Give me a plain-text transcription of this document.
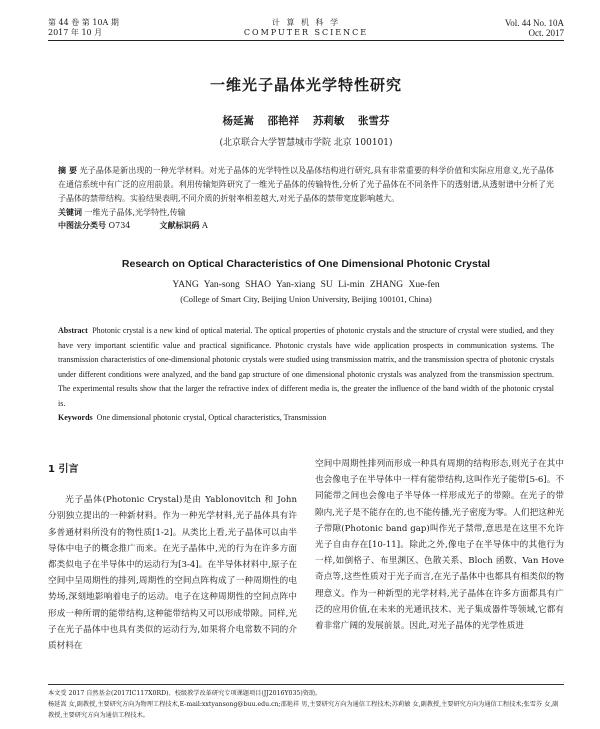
第 44 卷 第 10A 期
2017 年 10 月
计 算 机 科 学
COMPUTER SCIENCE
Vol. 44 No. 10A
Oct. 2017
一维光子晶体光学特性研究
杨延嵩 邵艳祥 苏莉敏 张雪芬
(北京联合大学智慧城市学院 北京 100101)
摘 要 光子晶体是新出现的一种光学材料。对光子晶体的光学特性以及晶体结构进行研究,具有非常重要的科学价值和实际应用意义,光子晶体在通信系统中有广泛的应用前景。利用传输矩阵研究了一维光子晶体的传输特性,分析了光子晶体在不同条件下的透射谱,从透射谱中分析了光子晶体的禁带结构。实验结果表明,不同介质的折射率相差越大,对光子晶体的禁带宽度影响越大。
关键词 一维光子晶体,光学特性,传输
中图法分类号 O734	文献标识码 A
Research on Optical Characteristics of One Dimensional Photonic Crystal
YANG Yan-song SHAO Yan-xiang SU Li-min ZHANG Xue-fen
(College of Smart City, Beijing Union University, Beijing 100101, China)
Abstract Photonic crystal is a new kind of optical material. The optical properties of photonic crystals and the structure of crystal were studied, and they have very important scientific value and practical significance. Photonic crystals have wide application prospects in communication systems. The transmission characteristics of one-dimensional photonic crystals were studied using transmission matrix, and the transmission spectra of photonic crystals under different conditions were analyzed, and the band gap structure of one dimensional photonic crystals was analyzed from the transmission spectrum. The experimental results show that the larger the refractive index of different media is, the greater the influence of the band width of the photonic crystal is.
Keywords One dimensional photonic crystal, Optical characteristics, Transmission
1 引言
光子晶体(Photonic Crystal)是由 Yablonovitch 和 John 分别独立提出的一种新材料。作为一种光学材料,光子晶体具有许多普通材料所没有的物性质[1-2]。从类比上看,光子晶体可以由半导体中电子的概念推广而来。在光子晶体中,光的行为在许多方面都类似电子在半导体中的运动行为[3-4]。在半导体材料中,原子在空间中呈周期性的排列,周期性的空间点阵构成了一种周期性的电势场,深刻地影响着电子的运动。电子在这种周期性的空间点阵中形成一种所谓的能带结构,这种能带结构又可以形成带隙。同样,光子在光子晶体中也具有类似的运动行为,如果将介电常数不同的介质材料在
空间中周期性排列而形成一种具有周期的结构形态,则光子在其中也会像电子在半导体中一样有能带结构,这叫作光子能带[5-6]。不同能带之间也会像电子半导体一样形成光子的带隙。在光子的带隙内,光子是不能存在的,也不能传播,光子密度为零。人们把这种光子带隙(Photonic band gap)叫作光子禁带,意思是在这里不允许光子自由存在[10-11]。除此之外,像电子在半导体中的其他行为一样,如倒格子、布里渊区、色散关系、Bloch 函数、Van Hove 奇点等,这些性质对于光子而言,在光子晶体中也都具有相类似的物理意义。作为一种新型的光学材料,光子晶体在许多方面都具有广泛的应用价值,在未来的光通讯技术、光子集成器件等领域,它都有着非常广阔的发展前景。因此,对光子晶体的光学性质进
本文受 2017 自然基金(2017IC117X0RD)、校级教学改革研究专项课题项目(JJ2016Y035)资助。
杨延嵩 女,副教授,主要研究方向为物理工程技术,E-mail:xxtyansong@buu.edu.cn;邵艳祥 男,主要研究方向为通信工程技术;苏莉敏 女,副教授,主要研究方向为通信工程技术;张雪芬 女,副教授,主要研究方向为通信工程技术。
